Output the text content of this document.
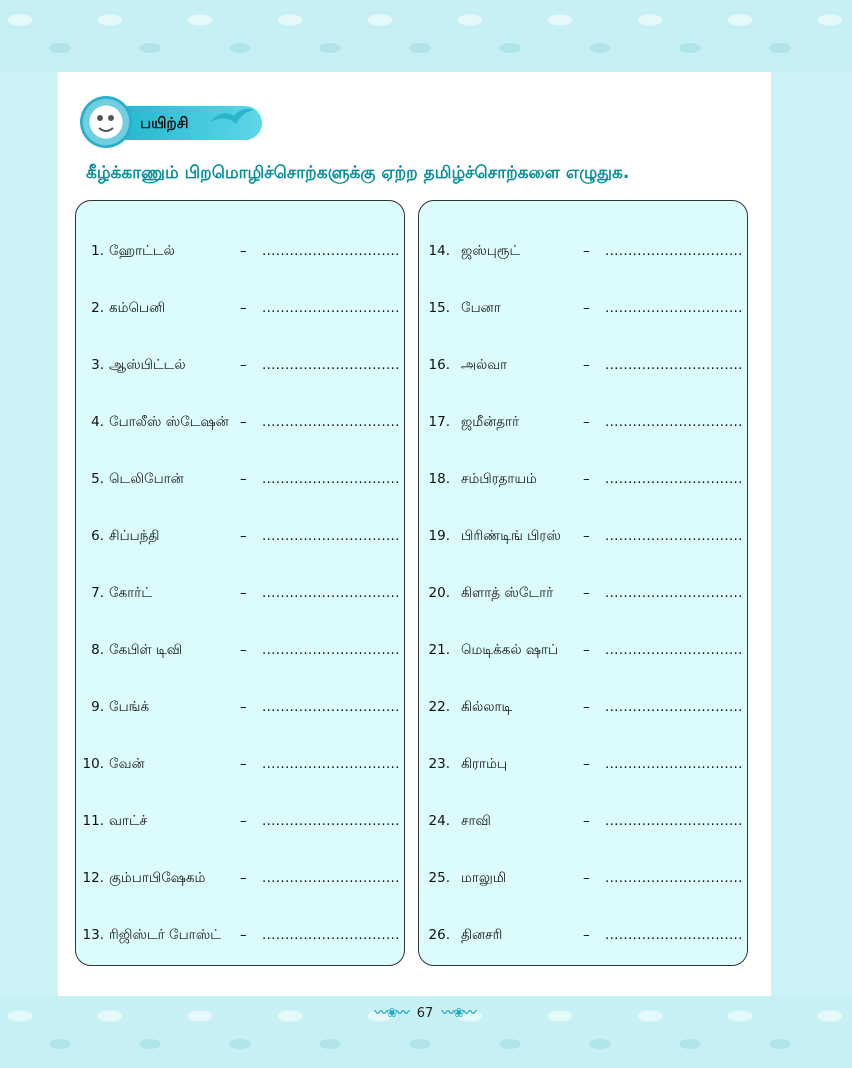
பயிற்சி
கீழ்க்காணும் பிறமொழிச்சொற்களுக்கு ஏற்ற தமிழ்ச்சொற்களை எழுதுக.
1. ஹோட்டல்	– ..............................
2. கம்பெனி	– ..............................
3. ஆஸ்பிட்டல்	– ..............................
4. போலீஸ் ஸ்டேஷன் – ..............................
5. டெலிபோன்	– ..............................
6. சிப்பந்தி	– ..............................
7. கோர்ட்	– ..............................
8. கேபிள் டிவி	– ..............................
9. பேங்க்	– ..............................
10. வேன்	– ..............................
11. வாட்ச்	– ..............................
12. கும்பாபிஷேகம்	– ..............................
13. ரிஜிஸ்டர் போஸ்ட் – ..............................
14. ஜஸ்புரூட்	– ..............................
15. பேனா	– ..............................
16. அல்வா	– ..............................
17. ஜமீன்தார்	– ..............................
18. சம்பிரதாயம்	– ..............................
19. பிரிண்டிங் பிரஸ் – ..............................
20. கிளாத் ஸ்டோர் – ..............................
21. மெடிக்கல் ஷாப் – ..............................
22. கில்லாடி	– ..............................
23. கிராம்பு	– ..............................
24. சாவி	– ..............................
25. மாலுமி	– ..............................
26. தினசரி	– ..............................
〰❀〰 67 〰❀〰
